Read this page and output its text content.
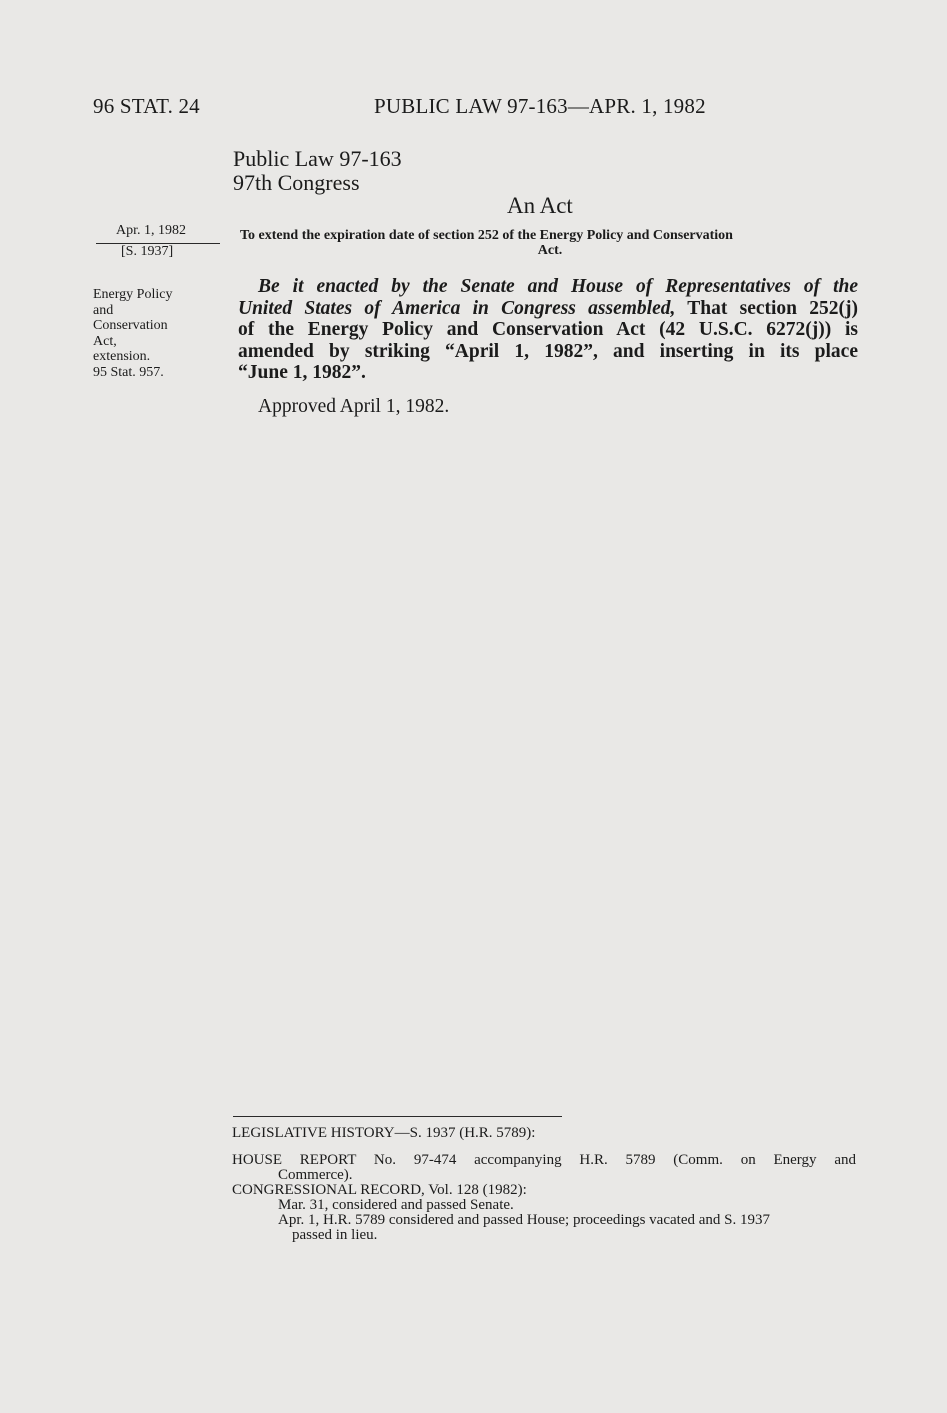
96 STAT. 24	PUBLIC LAW 97-163—APR. 1, 1982
Public Law 97-163
97th Congress
An Act
Apr. 1, 1982
[S. 1937]
Energy Policy
and
Conservation
Act,
extension.
95 Stat. 957.
To extend the expiration date of section 252 of the Energy Policy and Conservation
Act.
Be it enacted by the Senate and House of Representatives of the
United States of America in Congress assembled, That section 252(j)
of the Energy Policy and Conservation Act (42 U.S.C. 6272(j)) is
amended by striking “April 1, 1982”, and inserting in its place
“June 1, 1982”.
Approved April 1, 1982.
LEGISLATIVE HISTORY—S. 1937 (H.R. 5789):
HOUSE REPORT No. 97-474 accompanying H.R. 5789 (Comm. on Energy and
Commerce).
CONGRESSIONAL RECORD, Vol. 128 (1982):
Mar. 31, considered and passed Senate.
Apr. 1, H.R. 5789 considered and passed House; proceedings vacated and S. 1937
passed in lieu.
